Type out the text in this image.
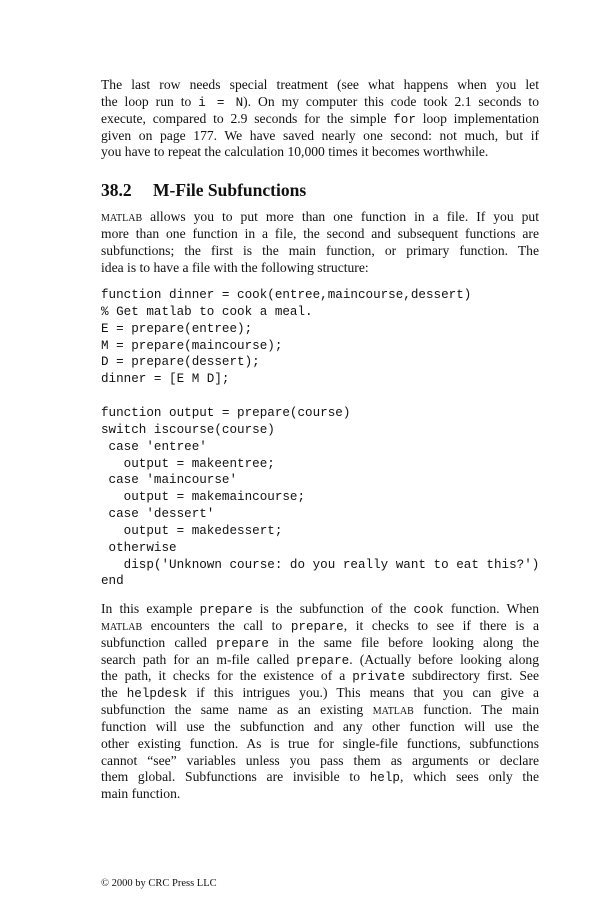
The last row needs special treatment (see what happens when you let
the loop run to i = N). On my computer this code took 2.1 seconds to
execute, compared to 2.9 seconds for the simple for loop implementation
given on page 177. We have saved nearly one second: not much, but if
you have to repeat the calculation 10,000 times it becomes worthwhile.
38.2 M-File Subfunctions
matlab allows you to put more than one function in a file. If you put
more than one function in a file, the second and subsequent functions are
subfunctions; the first is the main function, or primary function. The
idea is to have a file with the following structure:
function dinner = cook(entree,maincourse,dessert)
% Get matlab to cook a meal.
E = prepare(entree);
M = prepare(maincourse);
D = prepare(dessert);
dinner = [E M D];
function output = prepare(course)
switch iscourse(course)
case 'entree'
output = makeentree;
case 'maincourse'
output = makemaincourse;
case 'dessert'
output = makedessert;
otherwise
disp('Unknown course: do you really want to eat this?')
end
In this example prepare is the subfunction of the cook function. When
matlab encounters the call to prepare, it checks to see if there is a
subfunction called prepare in the same file before looking along the
search path for an m-file called prepare. (Actually before looking along
the path, it checks for the existence of a private subdirectory first. See
the helpdesk if this intrigues you.) This means that you can give a
subfunction the same name as an existing matlab function. The main
function will use the subfunction and any other function will use the
other existing function. As is true for single-file functions, subfunctions
cannot “see” variables unless you pass them as arguments or declare
them global. Subfunctions are invisible to help, which sees only the
main function.
© 2000 by CRC Press LLC
